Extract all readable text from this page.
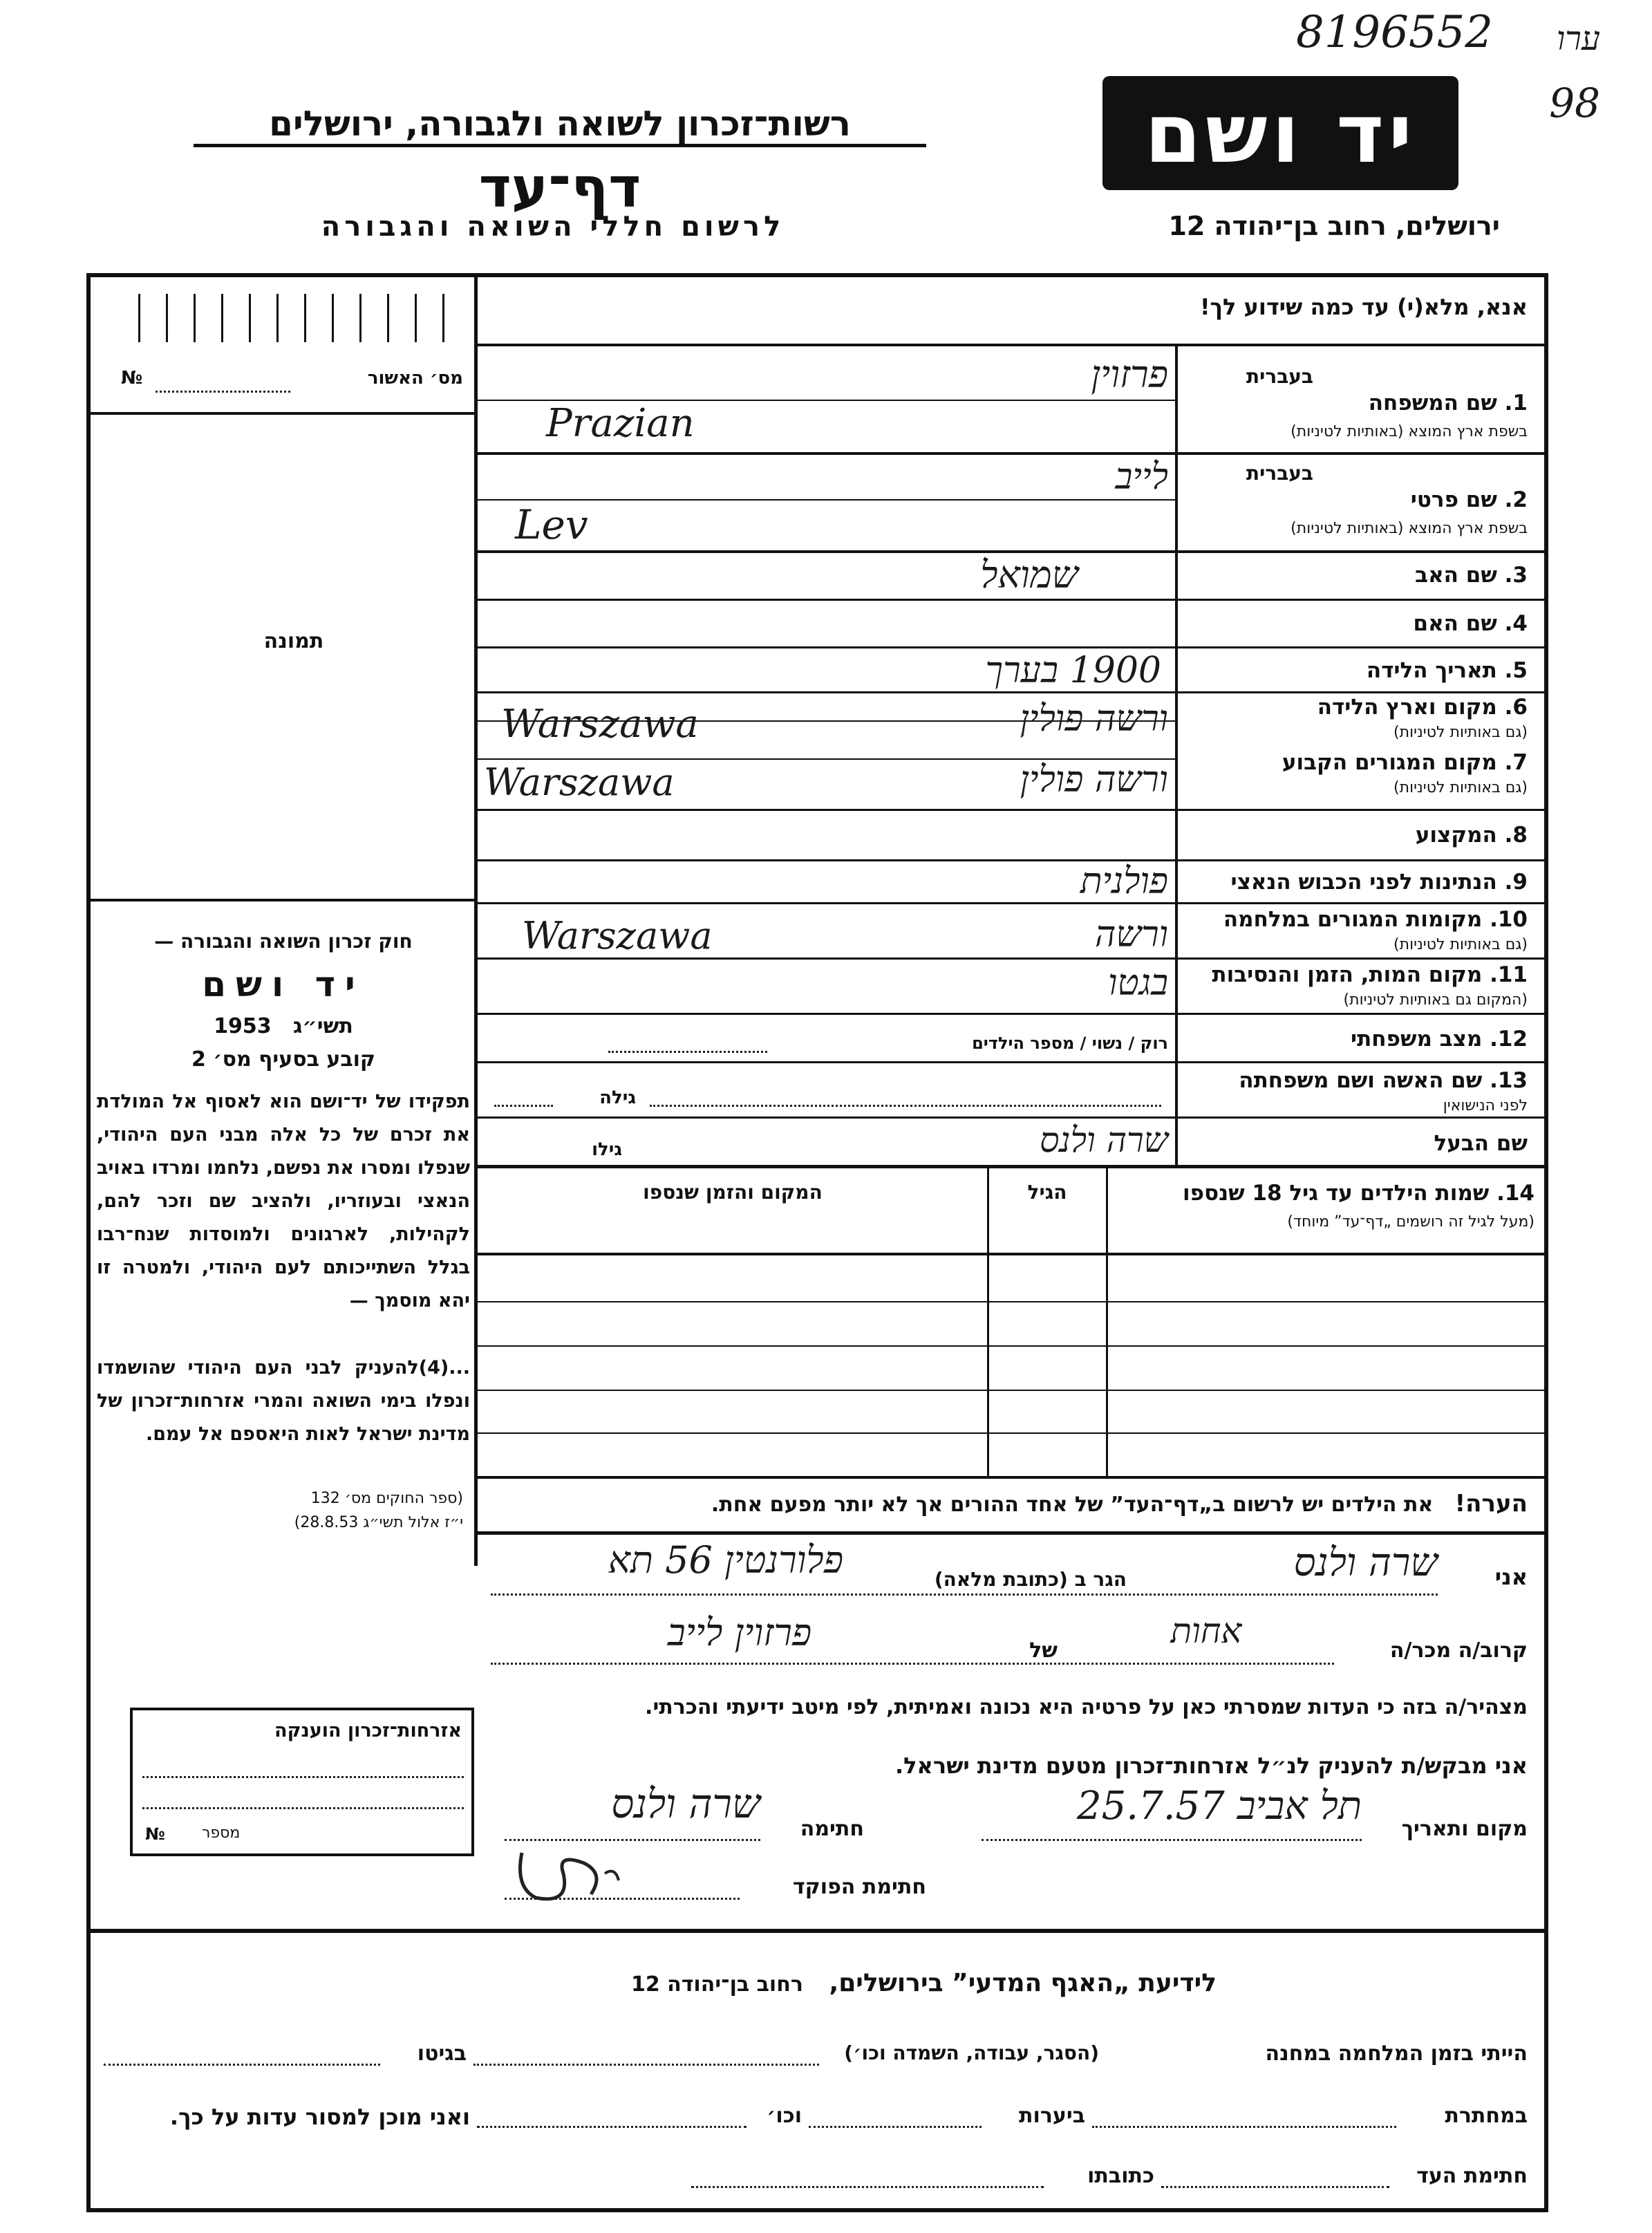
8196552 ערו
98
יד ושם
רשות־זכרון לשואה ולגבורה, ירושלים
דף־עד
לרשום חללי השואה והגבורה	ירושלים, רחוב בן־יהודה 12
אנא, מלא(י) עד כמה שידוע לך!
מס׳ האשור
№
תמונה
בעברית
1. שם המשפחה
בשפת ארץ המוצא (באותיות לטיניות)
פרזוין
Prazian
בעברית
2. שם פרטי
בשפת ארץ המוצא (באותיות לטיניות)
לייב
Lev
3. שם האב
שמואל
4. שם האם
5. תאריך הלידה
1900 בערך
6. מקום וארץ הלידה
(גם באותיות לטיניות)
ורשה פולין
Warszawa
7. מקום המגורים הקבוע
(גם באותיות לטיניות)
ורשה פולין
Warszawa
8. המקצוע
9. הנתינות לפני הכבוש הנאצי
פולנית
10. מקומות המגורים במלחמה
(גם באותיות לטיניות)
ורשה
Warszawa
11. מקום המות, הזמן והנסיבות
(המקום גם באותיות לטיניות)
בגטו
12. מצב משפחתי
רוק / נשוי / מספר הילדים
13. שם האשה ושם משפחתה
לפני הנישואין
גילה
שם הבעל
גילו	שרה ולנס
14. שמות הילדים עד גיל 18 שנספו
(מעל לגיל זה רושמים „דף־עד” מיוחד)
הגיל
המקום והזמן שנספו
הערה!   את הילדים יש לרשום ב„דף־העד” של אחד ההורים אך לא יותר מפעם אחת.
חוק זכרון השואה והגבורה —
יד ושם
תשי״ג   1953
קובע בסעיף מס׳ 2
תפקידו של יד־ושם הוא לאסוף אל המולדת את זכרם של כל אלה מבני העם היהודי, שנפלו ומסרו את נפשם, נלחמו ומרדו באויב הנאצי ובעוזריו, ולהציב שם וזכר להם, לקהילות, לארגונים ולמוסדות שנח־רבו בגלל השתייכותם לעם היהודי, ולמטרה זו יהא מוסמך —
...(4)להעניק לבני העם היהודי שהושמדו ונפלו בימי השואה והמרי אזרחות־זכרון של מדינת ישראל לאות היאספם אל עמם.
(ספר החוקים מס׳ 132
י״ז אלול תשי״ג 28.8.53)
אזרחות־זכרון הוענקה
מספר
№
אני
שרה ולנס
הגר ב (כתובת מלאה)
פלורנטין 56 תא
קרוב/ה מכר/ה
אחות
של
פרזוין לייב
מצהיר/ה בזה כי העדות שמסרתי כאן על פרטיה היא נכונה ואמיתית, לפי מיטב ידיעתי והכרתי.
אני מבקש/ת להעניק לנ״ל אזרחות־זכרון מטעם מדינת ישראל.
מקום ותאריך
תל אביב 25.7.57
חתימה
שרה ולנס
חתימת הפוקד
לידיעת „האגף המדעי” בירושלים,   רחוב בן־יהודה 12
הייתי בזמן המלחמה במחנה
(הסגר, עבודה, השמדה וכו׳)
בגיטו
במחתרת
ביערות
וכו׳
ואני מוכן למסור עדות על כך.
חתימת העד
כתובתו
